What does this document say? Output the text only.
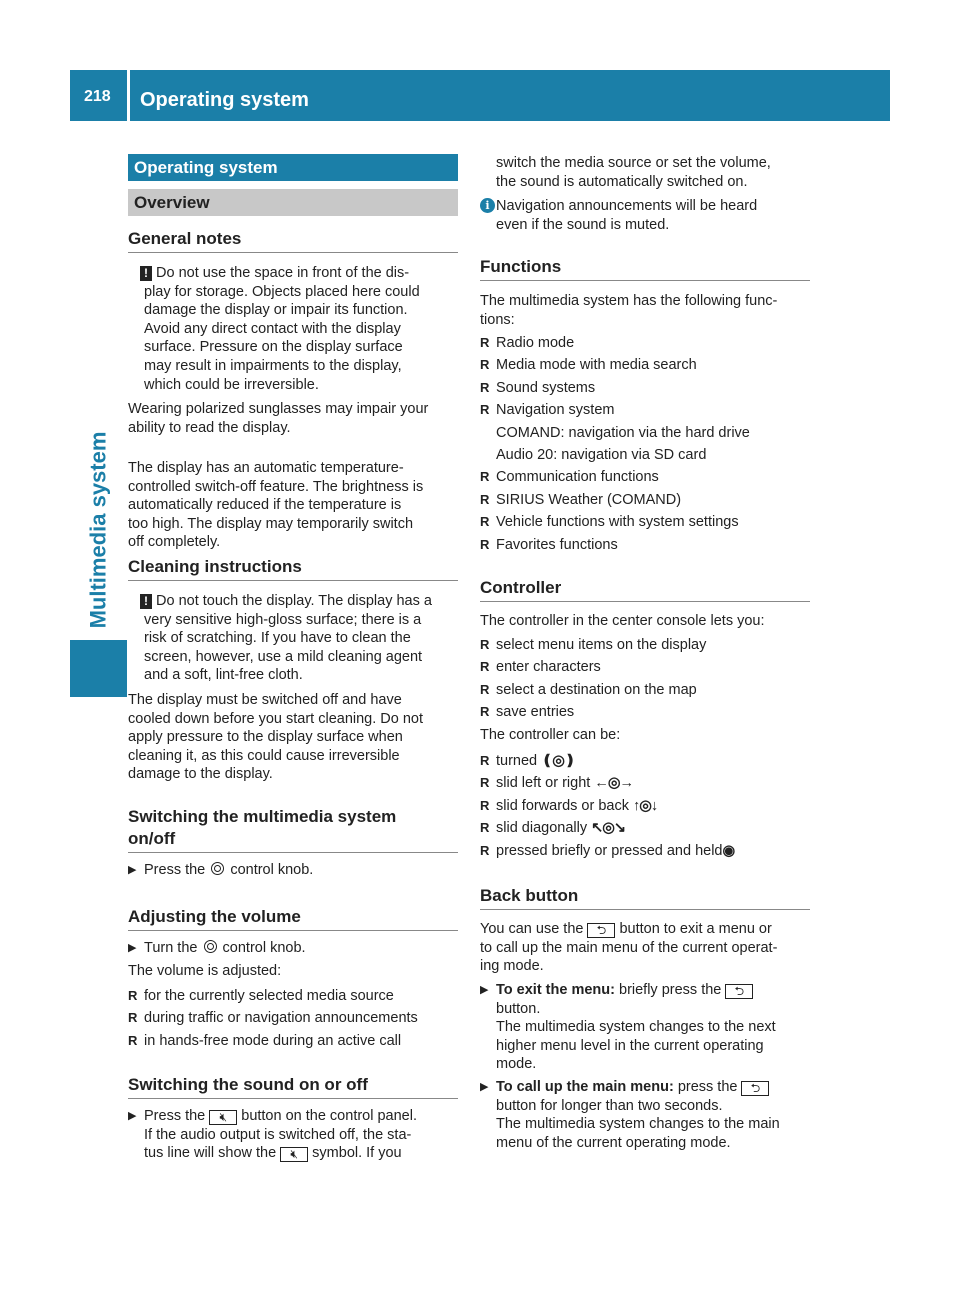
218	Operating system
Multimedia system
Operating system
Overview
General notes
! Do not use the space in front of the dis-
play for storage. Objects placed here could
damage the display or impair its function.
Avoid any direct contact with the display
surface. Pressure on the display surface
may result in impairments to the display,
which could be irreversible.
Wearing polarized sunglasses may impair your
ability to read the display.
The display has an automatic temperature-
controlled switch-off feature. The brightness is
automatically reduced if the temperature is
too high. The display may temporarily switch
off completely.
Cleaning instructions
! Do not touch the display. The display has a
very sensitive high-gloss surface; there is a
risk of scratching. If you have to clean the
screen, however, use a mild cleaning agent
and a soft, lint-free cloth.
The display must be switched off and have
cooled down before you start cleaning. Do not
apply pressure to the display surface when
cleaning it, as this could cause irreversible
damage to the display.
Switching the multimedia system
on/off
▶ Press the control knob.
Adjusting the volume
▶ Turn the control knob.
The volume is adjusted:
R for the currently selected media source
R during traffic or navigation announcements
R in hands-free mode during an active call
Switching the sound on or off
▶ Press the 🔇︎ button on the control panel.
If the audio output is switched off, the sta-
tus line will show the 🔇︎ symbol. If you
switch the media source or set the volume,
the sound is automatically switched on.
i Navigation announcements will be heard
even if the sound is muted.
Functions
The multimedia system has the following func-
tions:
R Radio mode
R Media mode with media search
R Sound systems
R Navigation system
COMAND: navigation via the hard drive
Audio 20: navigation via SD card
R Communication functions
R SIRIUS Weather (COMAND)
R Vehicle functions with system settings
R Favorites functions
Controller
The controller in the center console lets you:
R select menu items on the display
R enter characters
R select a destination on the map
R save entries
The controller can be:
R turned ❪◎❫
R slid left or right ←◎→
R slid forwards or back ↑◎↓
R slid diagonally ↖◎↘
R pressed briefly or pressed and held◉
Back button
You can use the ⮌ button to exit a menu or
to call up the main menu of the current operat-
ing mode.
▶ To exit the menu: briefly press the ⮌
button.
The multimedia system changes to the next
higher menu level in the current operating
mode.
▶ To call up the main menu: press the ⮌
button for longer than two seconds.
The multimedia system changes to the main
menu of the current operating mode.
